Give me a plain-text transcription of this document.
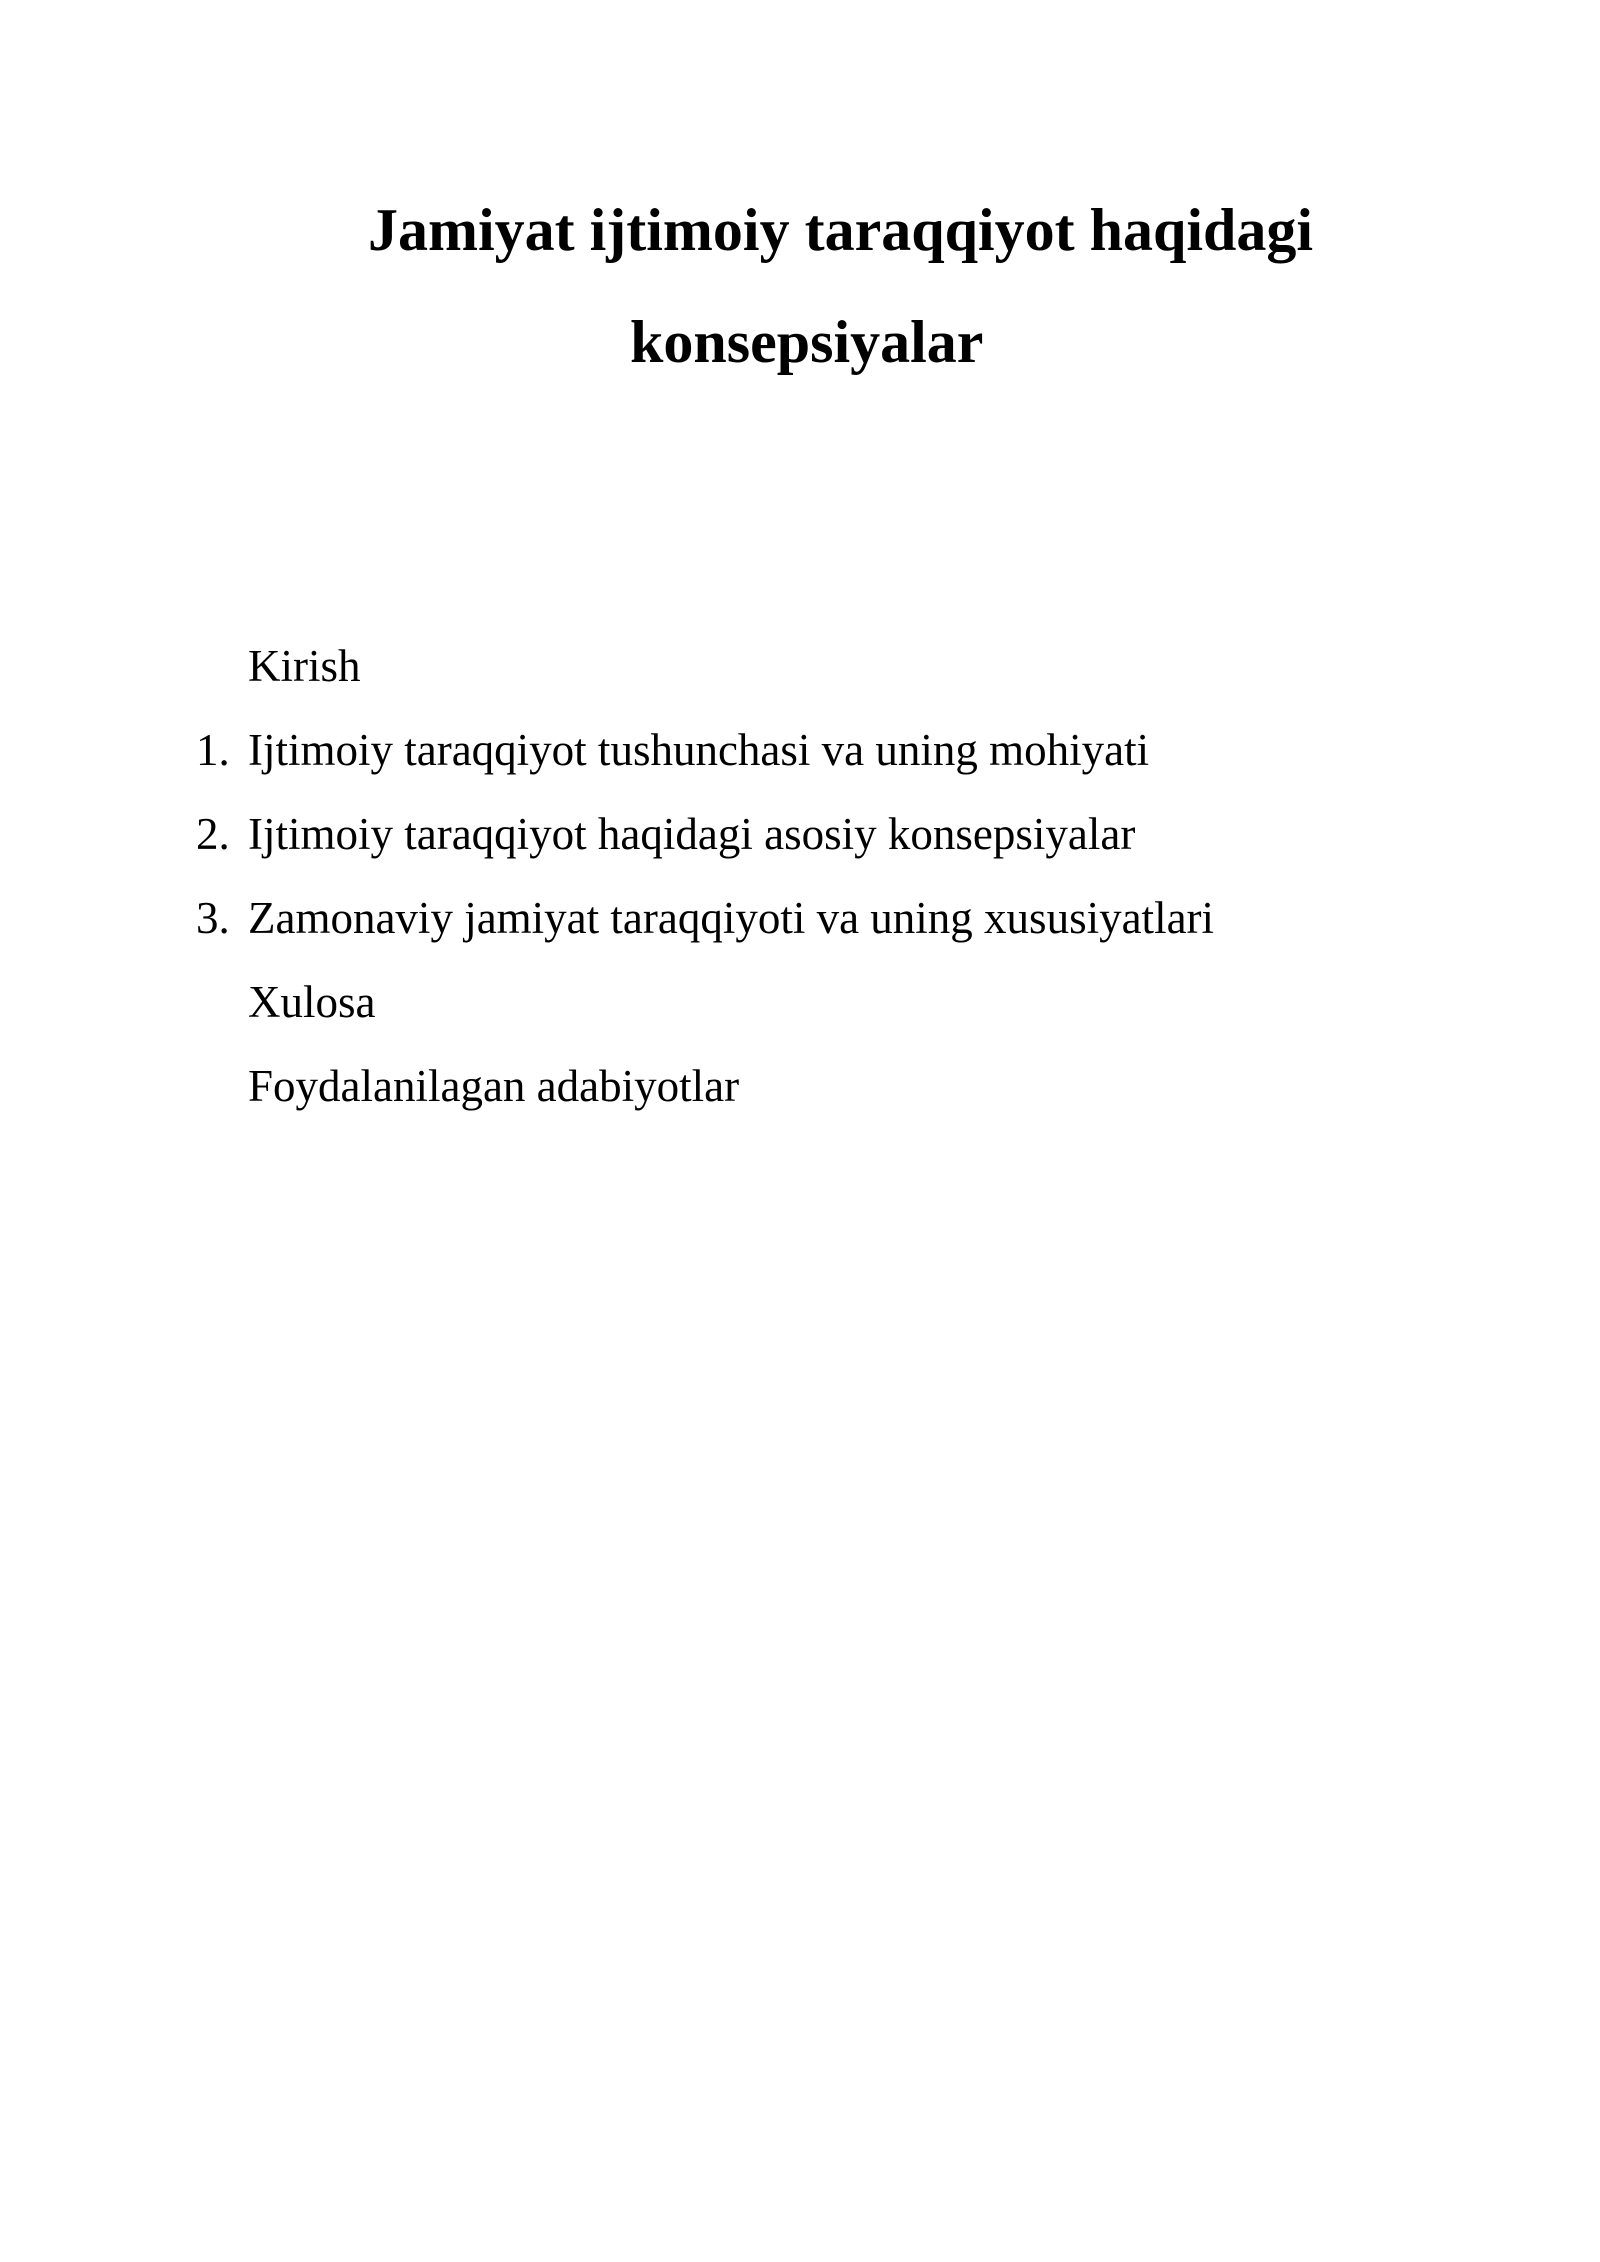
Jamiyat ijtimoiy taraqqiyot haqidagi
konsepsiyalar
Kirish
1. Ijtimoiy taraqqiyot tushunchasi va uning mohiyati
2. Ijtimoiy taraqqiyot haqidagi asosiy konsepsiyalar
3. Zamonaviy jamiyat taraqqiyoti va uning xususiyatlari
Xulosa
Foydalanilagan adabiyotlar
